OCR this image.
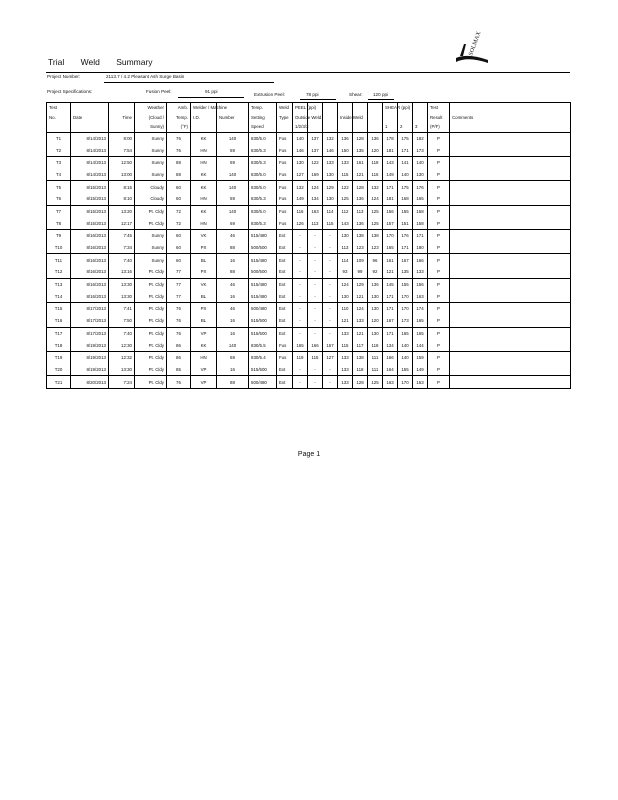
Trial Weld Summary
SOLMAX
Project Number:	2113.7 / 4.2 Pleasant Ash Surge Basin
Project Specifications:	Fusion Peel:	91 ppi
Extrusion Peel:	78 ppi	Shear: 120 ppi
Test			Weather	Amb.	Welder / Machine		Temp.	Weld	PEEL (ppi)						SHEAR (ppi)			Test	
No.	Date	Time	(Cloud /	Temp.	I.D.	Number	Setting	Type	Outside Weld			Inside Weld						Result	Comments
			Sunny)	(°F)			Speed		1/2/3/3						1	2	3	(P/F)	
T1	8/14/2013	8:00	Sunny	76	KK	140	830/5.0	Fus	140	137	132	136	128	136	178	175	182	P	
T2	8/14/2013	7:54	Sunny	76	HN	69	830/5.3	Fus	146	137	146	150	135	120	181	171	173	P	
T3	8/14/2013	12:50	Sunny	88	HN	69	830/5.3	Fus	130	122	133	133	161	118	143	141	140	P	
T4	8/14/2013	13:00	Sunny	88	KK	140	830/5.0	Fus	127	169	130	115	121	116	149	140	130	P	
T5	8/15/2013	8:15	Cloudy	60	KK	140	830/5.0	Fus	132	124	129	122	128	132	171	175	176	P	
T6	8/15/2013	8:10	Cloudy	60	HN	69	830/5.3	Fus	149	134	130	125	136	124	181	168	165	P	
T7	8/15/2013	13:20	Pt. Cldy	72	KK	140	830/5.0	Fus	116	163	114	112	113	125	156	155	158	P	
T8	8/15/2013	12:17	Pt. Cldy	72	HN	69	830/5.3	Fus	126	113	115	143	136	125	157	151	158	P	
T9	8/16/2013	7:45	Sunny	60	VK	46	515/480	Ext	-	-	-	130	138	138	170	176	171	P	
T10	8/16/2013	7:34	Sunny	60	PX	88	500/500	Ext	-	-	-	113	123	123	165	171	180	P	
T11	8/16/2013	7:40	Sunny	60	BL	16	515/480	Ext	-	-	-	114	109	96	161	167	166	P	
T12	8/16/2013	13:16	Pt. Cldy	77	PX	88	500/500	Ext	-	-	-	93	99	92	121	135	133	P	
T13	8/16/2013	13:30	Pt. Cldy	77	VK	46	515/480	Ext	-	-	-	124	129	136	145	155	156	P	
T14	8/16/2013	13:30	Pt. Cldy	77	BL	16	515/480	Ext	-	-	-	130	121	130	171	170	163	P	
T15	8/17/2013	7:41	Pt. Cldy	76	PX	46	500/480	Ext	-	-	-	110	124	130	171	170	174	P	
T16	8/17/2013	7:50	Pt. Cldy	76	BL	16	515/500	Ext	-	-	-	121	133	120	167	173	165	P	
T17	8/17/2013	7:40	Pt. Cldy	76	VP	16	515/500	Ext	-	-	-	133	121	130	171	165	165	P	
T18	8/19/2013	12:30	Pt. Cldy	86	KK	140	830/5.5	Fus	165	166	167	115	117	118	134	140	144	P	
T19	8/19/2013	12:32	Pt. Cldy	86	HN	69	830/5.4	Fus	119	115	127	133	138	111	166	140	159	P	
T20	8/19/2013	13:30	Pt. Cldy	85	VP	16	515/500	Ext	-	-	-	133	118	111	164	155	149	P	
T21	8/20/2013	7:24	Pt. Cldy	76	VP	88	500/480	Ext	-	-	-	133	128	125	163	170	163	P	
Page 1
